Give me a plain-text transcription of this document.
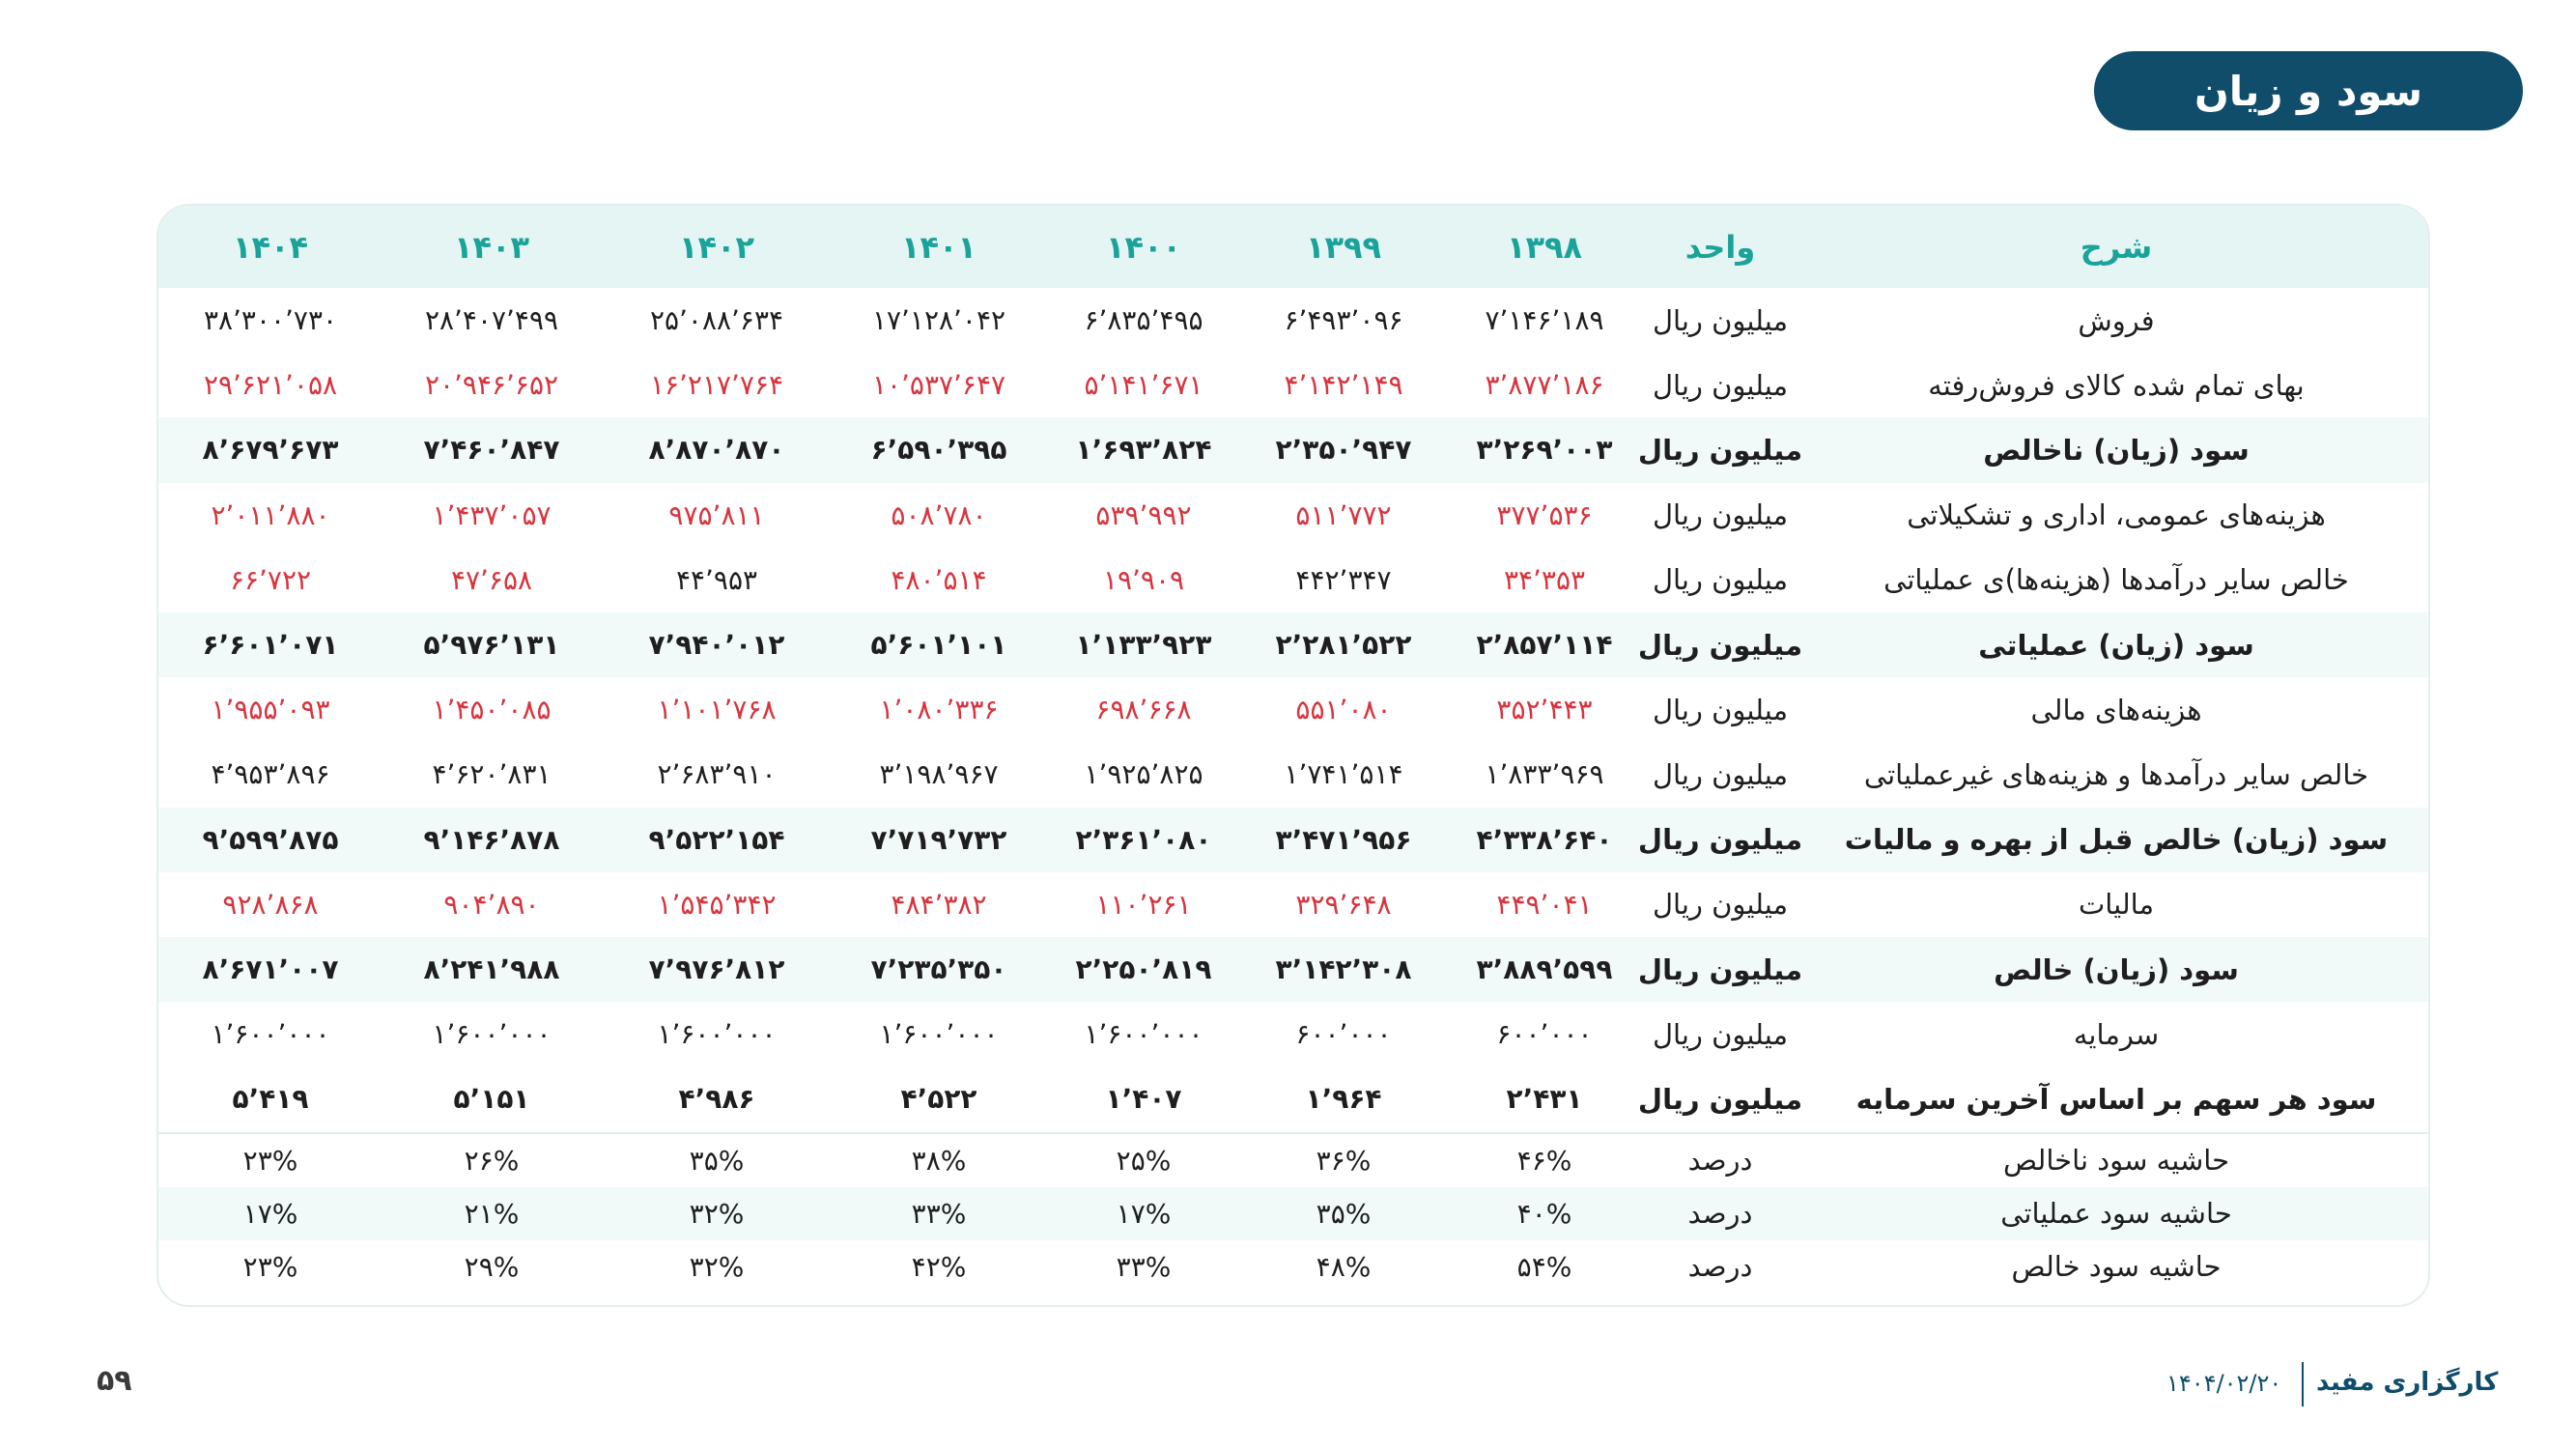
سود و زیان
شرح
واحد
۱۳۹۸
۱۳۹۹
۱۴۰۰
۱۴۰۱
۱۴۰۲
۱۴۰۳
۱۴۰۴
فروش
میلیون ریال
۷٬۱۴۶٬۱۸۹
۶٬۴۹۳٬۰۹۶
۶٬۸۳۵٬۴۹۵
۱۷٬۱۲۸٬۰۴۲
۲۵٬۰۸۸٬۶۳۴
۲۸٬۴۰۷٬۴۹۹
۳۸٬۳۰۰٬۷۳۰
بهای تمام شده کالای فروش‌رفته
میلیون ریال
۳٬۸۷۷٬۱۸۶
۴٬۱۴۲٬۱۴۹
۵٬۱۴۱٬۶۷۱
۱۰٬۵۳۷٬۶۴۷
۱۶٬۲۱۷٬۷۶۴
۲۰٬۹۴۶٬۶۵۲
۲۹٬۶۲۱٬۰۵۸
سود (زیان) ناخالص
میلیون ریال
۳٬۲۶۹٬۰۰۳
۲٬۳۵۰٬۹۴۷
۱٬۶۹۳٬۸۲۴
۶٬۵۹۰٬۳۹۵
۸٬۸۷۰٬۸۷۰
۷٬۴۶۰٬۸۴۷
۸٬۶۷۹٬۶۷۳
هزینه‌های عمومی، اداری و تشکیلاتی
میلیون ریال
۳۷۷٬۵۳۶
۵۱۱٬۷۷۲
۵۳۹٬۹۹۲
۵۰۸٬۷۸۰
۹۷۵٬۸۱۱
۱٬۴۳۷٬۰۵۷
۲٬۰۱۱٬۸۸۰
خالص سایر درآمدها (هزینه‌ها)ی عملیاتی
میلیون ریال
۳۴٬۳۵۳
۴۴۲٬۳۴۷
۱۹٬۹۰۹
۴۸۰٬۵۱۴
۴۴٬۹۵۳
۴۷٬۶۵۸
۶۶٬۷۲۲
سود (زیان) عملیاتی
میلیون ریال
۲٬۸۵۷٬۱۱۴
۲٬۲۸۱٬۵۲۲
۱٬۱۳۳٬۹۲۳
۵٬۶۰۱٬۱۰۱
۷٬۹۴۰٬۰۱۲
۵٬۹۷۶٬۱۳۱
۶٬۶۰۱٬۰۷۱
هزینه‌های مالی
میلیون ریال
۳۵۲٬۴۴۳
۵۵۱٬۰۸۰
۶۹۸٬۶۶۸
۱٬۰۸۰٬۳۳۶
۱٬۱۰۱٬۷۶۸
۱٬۴۵۰٬۰۸۵
۱٬۹۵۵٬۰۹۳
خالص سایر درآمدها و هزینه‌های غیرعملیاتی
میلیون ریال
۱٬۸۳۳٬۹۶۹
۱٬۷۴۱٬۵۱۴
۱٬۹۲۵٬۸۲۵
۳٬۱۹۸٬۹۶۷
۲٬۶۸۳٬۹۱۰
۴٬۶۲۰٬۸۳۱
۴٬۹۵۳٬۸۹۶
سود (زیان) خالص قبل از بهره و مالیات
میلیون ریال
۴٬۳۳۸٬۶۴۰
۳٬۴۷۱٬۹۵۶
۲٬۳۶۱٬۰۸۰
۷٬۷۱۹٬۷۳۲
۹٬۵۲۲٬۱۵۴
۹٬۱۴۶٬۸۷۸
۹٬۵۹۹٬۸۷۵
مالیات
میلیون ریال
۴۴۹٬۰۴۱
۳۲۹٬۶۴۸
۱۱۰٬۲۶۱
۴۸۴٬۳۸۲
۱٬۵۴۵٬۳۴۲
۹۰۴٬۸۹۰
۹۲۸٬۸۶۸
سود (زیان) خالص
میلیون ریال
۳٬۸۸۹٬۵۹۹
۳٬۱۴۲٬۳۰۸
۲٬۲۵۰٬۸۱۹
۷٬۲۳۵٬۳۵۰
۷٬۹۷۶٬۸۱۲
۸٬۲۴۱٬۹۸۸
۸٬۶۷۱٬۰۰۷
سرمایه
میلیون ریال
۶۰۰٬۰۰۰
۶۰۰٬۰۰۰
۱٬۶۰۰٬۰۰۰
۱٬۶۰۰٬۰۰۰
۱٬۶۰۰٬۰۰۰
۱٬۶۰۰٬۰۰۰
۱٬۶۰۰٬۰۰۰
سود هر سهم بر اساس آخرین سرمایه
میلیون ریال
۲٬۴۳۱
۱٬۹۶۴
۱٬۴۰۷
۴٬۵۲۲
۴٬۹۸۶
۵٬۱۵۱
۵٬۴۱۹
حاشیه سود ناخالص
درصد
۴۶%
۳۶%
۲۵%
۳۸%
۳۵%
۲۶%
۲۳%
حاشیه سود عملیاتی
درصد
۴۰%
۳۵%
۱۷%
۳۳%
۳۲%
۲۱%
۱۷%
حاشیه سود خالص
درصد
۵۴%
۴۸%
۳۳%
۴۲%
۳۲%
۲۹%
۲۳%
۵۹	کارگزاری مفید
۱۴۰۴/۰۲/۲۰
